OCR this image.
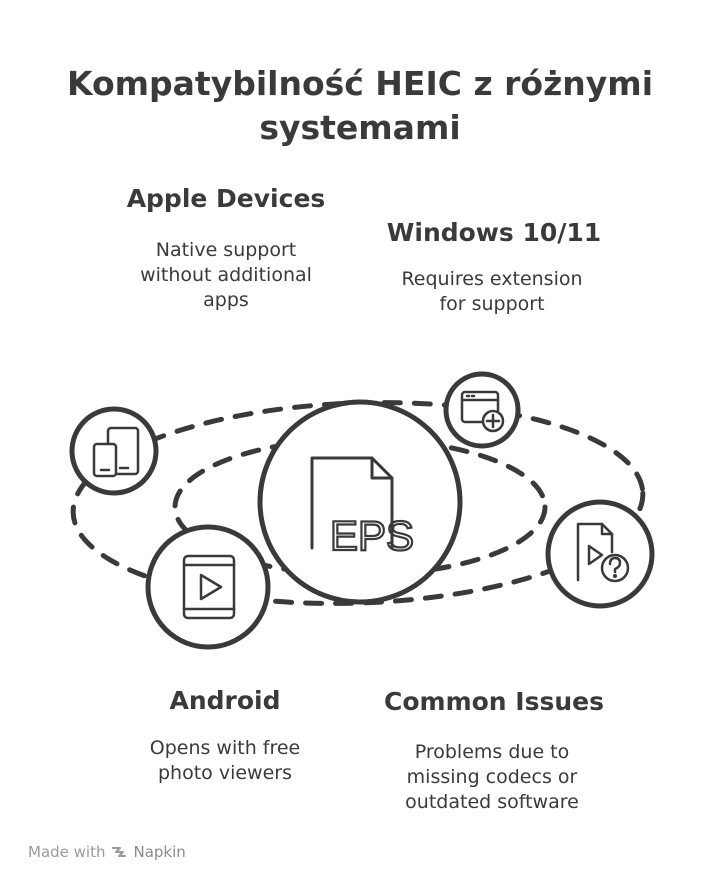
Kompatybilność HEIC z różnymi
systemami
Apple Devices
Native support
without additional
apps
Windows 10/11
Requires extension
for support
Android
Opens with free
photo viewers
Common Issues
Problems due to
missing codecs or
outdated software
EPS
Made with Napkin
